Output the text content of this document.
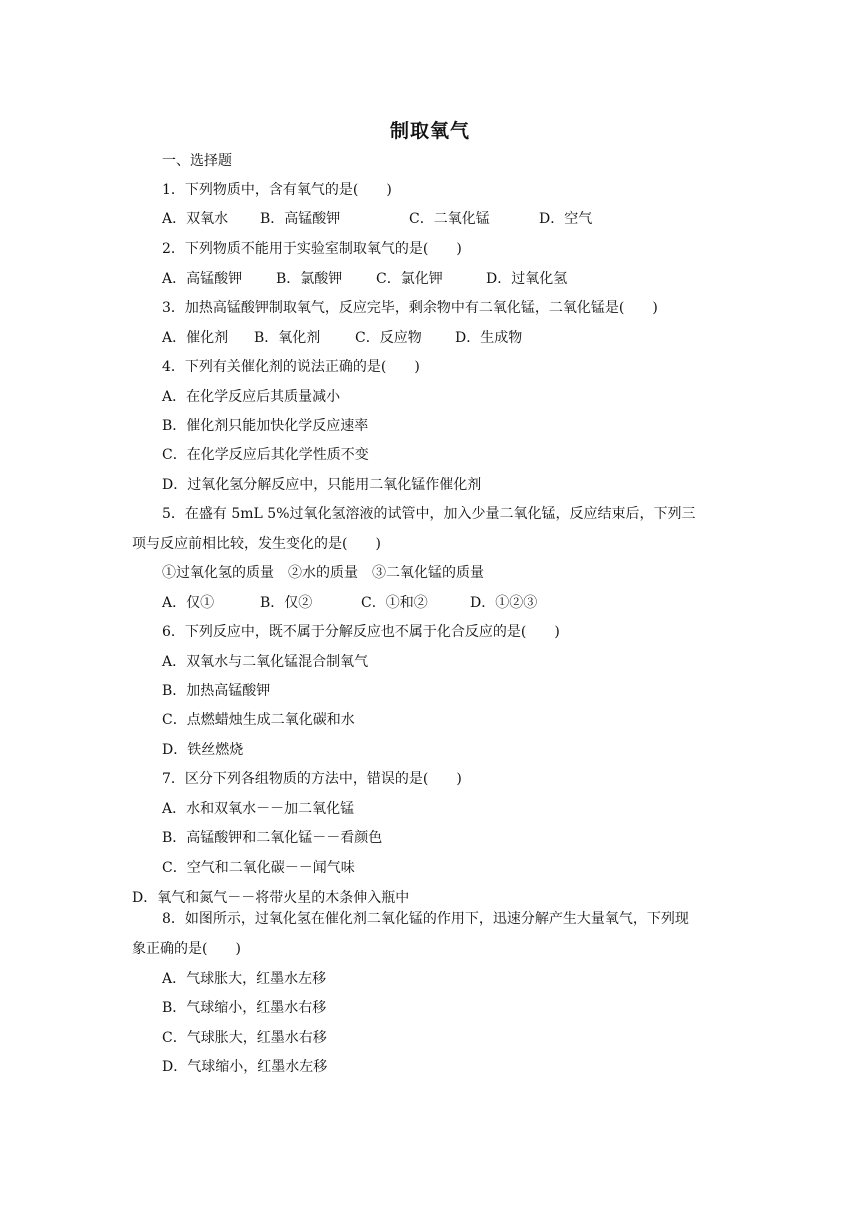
制取氧气
一、选择题
1．下列物质中，含有氧气的是(　　)
A．双氧水 B．高锰酸钾	C．二氧化锰	D．空气
2．下列物质不能用于实验室制取氧气的是(　　)
A．高锰酸钾 B．氯酸钾 C．氯化钾	D．过氧化氢
3．加热高锰酸钾制取氧气，反应完毕，剩余物中有二氧化锰，二氧化锰是(　　)
A．催化剂 B．氧化剂 C．反应物 D．生成物
4．下列有关催化剂的说法正确的是(　　)
A．在化学反应后其质量减小
B．催化剂只能加快化学反应速率
C．在化学反应后其化学性质不变
D．过氧化氢分解反应中，只能用二氧化锰作催化剂
5．在盛有 5mL 5%过氧化氢溶液的试管中，加入少量二氧化锰，反应结束后，下列三
项与反应前相比较，发生变化的是(　　)
①过氧化氢的质量　②水的质量　③二氧化锰的质量
A．仅①	B．仅②	C．①和②	D．①②③
6．下列反应中，既不属于分解反应也不属于化合反应的是(　　)
A．双氧水与二氧化锰混合制氧气
B．加热高锰酸钾
C．点燃蜡烛生成二氧化碳和水
D．铁丝燃烧
7．区分下列各组物质的方法中，错误的是(　　)
A．水和双氧水－－加二氧化锰
B．高锰酸钾和二氧化锰－－看颜色
C．空气和二氧化碳－－闻气味
D．氧气和氮气－－将带火星的木条伸入瓶中
8．如图所示，过氧化氢在催化剂二氧化锰的作用下，迅速分解产生大量氧气，下列现
象正确的是(　　)
A．气球胀大，红墨水左移
B．气球缩小，红墨水右移
C．气球胀大，红墨水右移
D．气球缩小，红墨水左移
